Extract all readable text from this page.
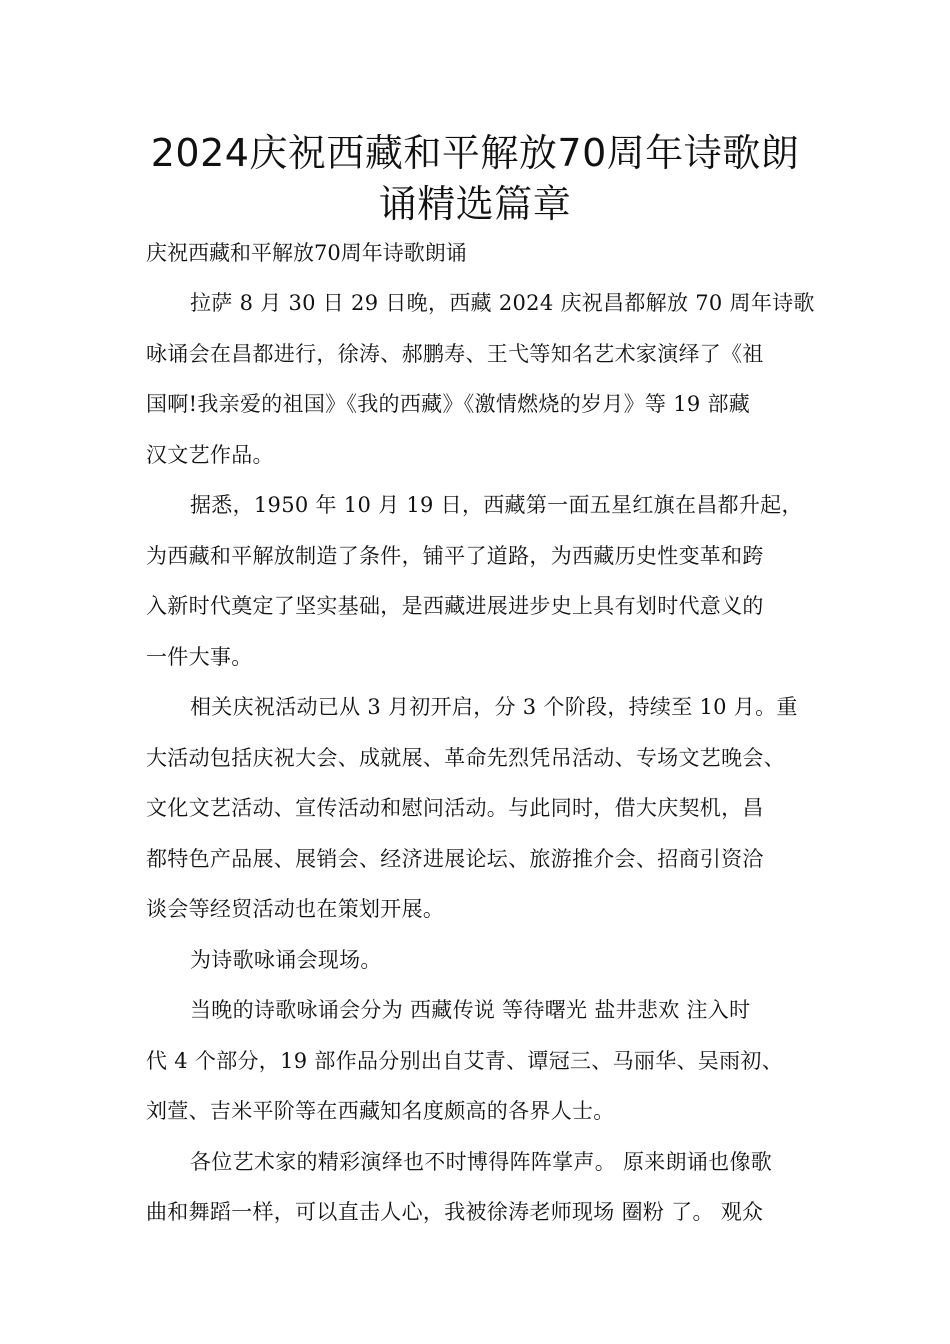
2024庆祝西藏和平解放70周年诗歌朗
诵精选篇章

庆祝西藏和平解放70周年诗歌朗诵

拉萨 8 月 30 日 29 日晚，西藏 2024 庆祝昌都解放 70 周年诗歌
咏诵会在昌都进行，徐涛、郝鹏寿、王弋等知名艺术家演绎了《祖
国啊!我亲爱的祖国》《我的西藏》《激情燃烧的岁月》等 19 部藏
汉文艺作品。
据悉，1950 年 10 月 19 日，西藏第一面五星红旗在昌都升起，
为西藏和平解放制造了条件，铺平了道路，为西藏历史性变革和跨
入新时代奠定了坚实基础，是西藏进展进步史上具有划时代意义的
一件大事。
相关庆祝活动已从 3 月初开启，分 3 个阶段，持续至 10 月。重
大活动包括庆祝大会、成就展、革命先烈凭吊活动、专场文艺晚会、
文化文艺活动、宣传活动和慰问活动。与此同时，借大庆契机，昌
都特色产品展、展销会、经济进展论坛、旅游推介会、招商引资洽
谈会等经贸活动也在策划开展。
为诗歌咏诵会现场。
当晚的诗歌咏诵会分为 西藏传说 等待曙光 盐井悲欢 注入时
代 4 个部分，19 部作品分别出自艾青、谭冠三、马丽华、吴雨初、
刘萱、吉米平阶等在西藏知名度颇高的各界人士。
各位艺术家的精彩演绎也不时博得阵阵掌声。 原来朗诵也像歌
曲和舞蹈一样，可以直击人心，我被徐涛老师现场 圈粉 了。 观众
